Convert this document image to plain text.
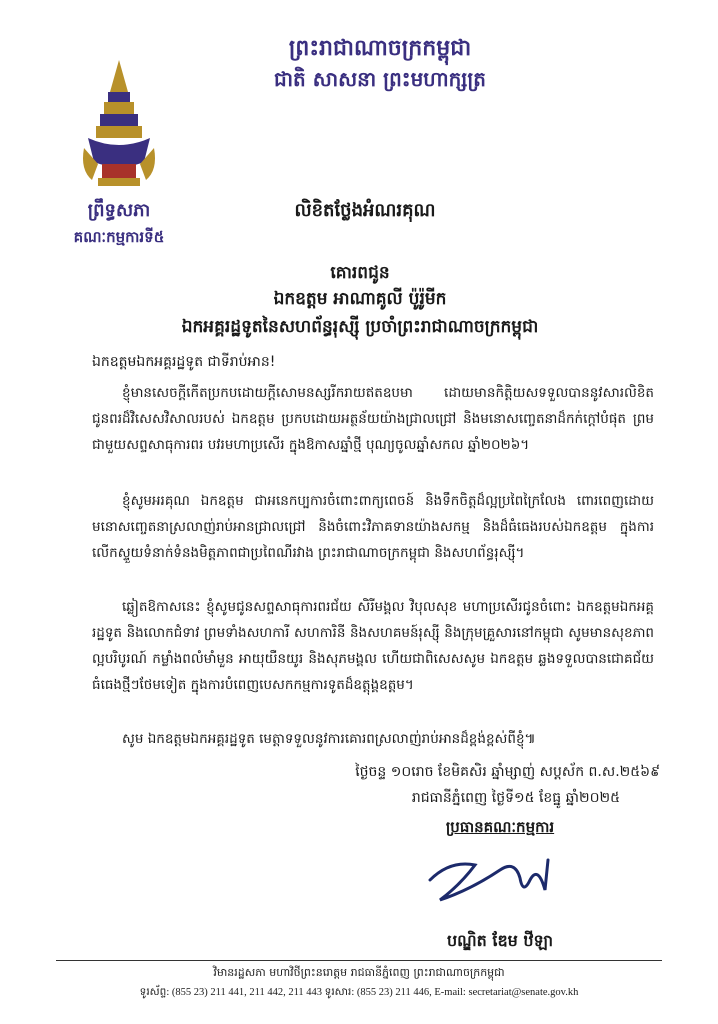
ព្រះរាជាណាចក្រកម្ពុជា
ជាតិ សាសនា ព្រះមហាក្សត្រ
ព្រឹទ្ធសភា
គណៈកម្មការទី៥
លិខិតថ្លែងអំណរគុណ
គោរពជូន
ឯកឧត្តម អាណាគូលី ប៉ូរ៉ូមីក
ឯកអគ្គរដ្ឋទូតនៃសហព័ន្ធរុស្ស៊ី ប្រចាំព្រះរាជាណាចក្រកម្ពុជា
ឯកឧត្តមឯកអគ្គរដ្ឋទូត ជាទីរាប់អាន!
ខ្ញុំមានសេចក្តីកើតប្រកបដោយក្តីសោមនស្សរីករាយឥតឧបមា ដោយមានកិត្តិយសទទួលបាននូវសារលិខិតជូនពរដ៏វិសេសវិសាលរបស់ ឯកឧត្តម ប្រកបដោយអត្ថន័យយ៉ាងជ្រាលជ្រៅ និងមនោសញ្ចេតនាដ៏កក់ក្តៅបំផុត ព្រមជាមួយសព្ទសាធុការពរ បវរមហាប្រសើរ ក្នុងឱកាសឆ្នាំថ្មី បុណ្យចូលឆ្នាំសកល ឆ្នាំ២០២៦។
ខ្ញុំសូមអរគុណ ឯកឧត្តម ជាអនេកប្បការចំពោះពាក្យពេចន៍ និងទឹកចិត្តដ៏ល្អប្រពៃក្រៃលែង ពោរពេញដោយមនោសញ្ចេតនាស្រលាញ់រាប់អានជ្រាលជ្រៅ និងចំពោះវិភាគទានយ៉ាងសកម្ម និងដ៏ធំធេងរបស់ឯកឧត្តម ក្នុងការលើកស្ទួយទំនាក់ទំនងមិត្តភាពជាប្រពៃណីរវាង ព្រះរាជាណាចក្រកម្ពុជា និងសហព័ន្ធរុស្ស៊ី។
ឆ្លៀតឱកាសនេះ ខ្ញុំសូមជូនសព្ទសាធុការពរជ័យ សិរីមង្គល វិបុលសុខ មហាប្រសើរជូនចំពោះ ឯកឧត្តមឯកអគ្គរដ្ឋទូត និងលោកជំទាវ ព្រមទាំងសហការី សហការិនី និងសហគមន៍រុស្ស៊ី និងក្រុមគ្រួសារនៅកម្ពុជា សូមមានសុខភាពល្អបរិបូរណ៍ កម្លាំងពលំមាំមួន អាយុយឺនយូរ និងសុភមង្គល ហើយជាពិសេសសូម ឯកឧត្តម ឆ្លងទទួលបានជោគជ័យធំធេងថ្មីៗថែមទៀត ក្នុងការបំពេញបេសកកម្មការទូតដ៏ឧត្តុង្គឧត្តម។
សូម ឯកឧត្តមឯកអគ្គរដ្ឋទូត មេត្តាទទួលនូវការគោរពស្រលាញ់រាប់អានដ៏ខ្ពង់ខ្ពស់ពីខ្ញុំ៕
ថ្ងៃចន្ទ ១០រោច ខែមិគសិរ ឆ្នាំម្សាញ់ សប្តស័ក ព.ស.២៥៦៩
រាជធានីភ្នំពេញ ថ្ងៃទី១៥ ខែធ្នូ ឆ្នាំ២០២៥
ប្រធានគណៈកម្មការ
បណ្ឌិត ឌែម ឋីឡា
វិមានរដ្ឋសភា មហាវិថីព្រះនរោត្តម រាជធានីភ្នំពេញ ព្រះរាជាណាចក្រកម្ពុជា
ទូរស័ព្ទ: (855 23) 211 441, 211 442, 211 443 ទូរសារ: (855 23) 211 446, E-mail: secretariat@senate.gov.kh
